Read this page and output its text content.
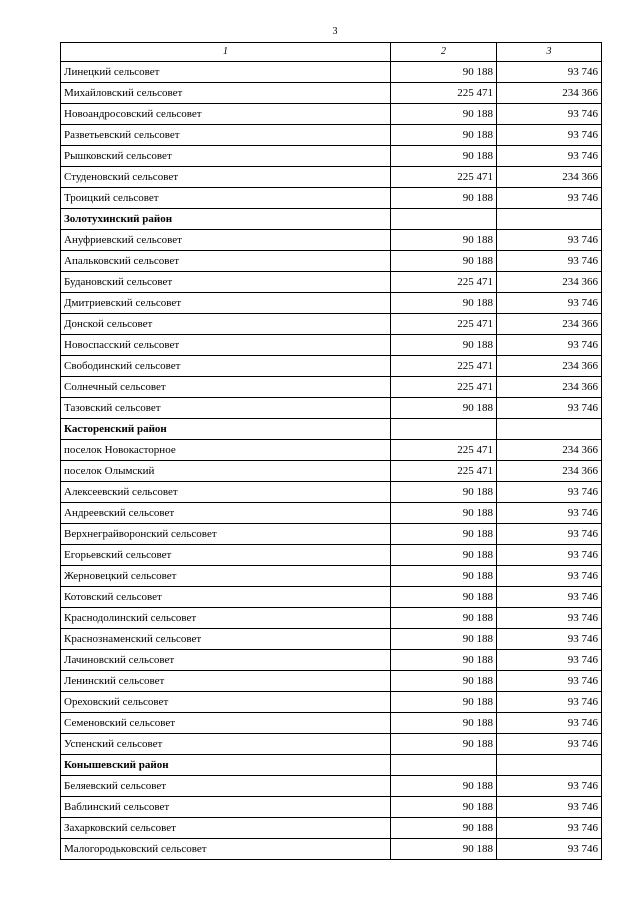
3
1	2	3
Линецкий сельсовет	90 188	93 746
Михайловский сельсовет	225 471	234 366
Новоандросовский сельсовет	90 188	93 746
Разветьевский сельсовет	90 188	93 746
Рышковский сельсовет	90 188	93 746
Студеновский сельсовет	225 471	234 366
Троицкий сельсовет	90 188	93 746
Золотухинский район		
Ануфриевский сельсовет	90 188	93 746
Апальковский сельсовет	90 188	93 746
Будановский сельсовет	225 471	234 366
Дмитриевский сельсовет	90 188	93 746
Донской сельсовет	225 471	234 366
Новоспасский сельсовет	90 188	93 746
Свободинский сельсовет	225 471	234 366
Солнечный сельсовет	225 471	234 366
Тазовский сельсовет	90 188	93 746
Касторенский район		
поселок Новокасторное	225 471	234 366
поселок Олымский	225 471	234 366
Алексеевский сельсовет	90 188	93 746
Андреевский сельсовет	90 188	93 746
Верхнеграйворонский сельсовет	90 188	93 746
Егорьевский сельсовет	90 188	93 746
Жерновецкий сельсовет	90 188	93 746
Котовский сельсовет	90 188	93 746
Краснодолинский сельсовет	90 188	93 746
Краснознаменский сельсовет	90 188	93 746
Лачиновский сельсовет	90 188	93 746
Ленинский сельсовет	90 188	93 746
Ореховский сельсовет	90 188	93 746
Семеновский сельсовет	90 188	93 746
Успенский сельсовет	90 188	93 746
Конышевский район		
Беляевский сельсовет	90 188	93 746
Ваблинский сельсовет	90 188	93 746
Захарковский сельсовет	90 188	93 746
Малогородьковский сельсовет	90 188	93 746
